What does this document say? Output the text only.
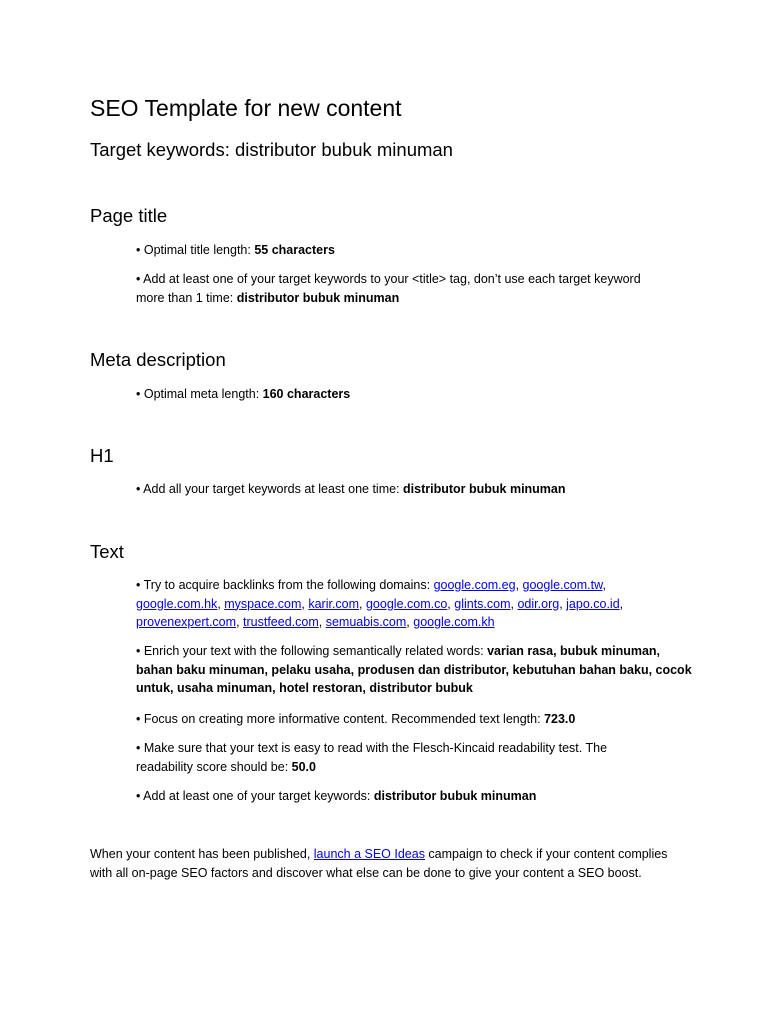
SEO Template for new content
Target keywords: distributor bubuk minuman
Page title
• Optimal title length: 55 characters
• Add at least one of your target keywords to your <title> tag, don’t use each target keyword
more than 1 time: distributor bubuk minuman
Meta description
• Optimal meta length: 160 characters
H1
• Add all your target keywords at least one time: distributor bubuk minuman
Text
• Try to acquire backlinks from the following domains: google.com.eg, google.com.tw,
google.com.hk, myspace.com, karir.com, google.com.co, glints.com, odir.org, japo.co.id,
provenexpert.com, trustfeed.com, semuabis.com, google.com.kh
• Enrich your text with the following semantically related words: varian rasa, bubuk minuman,
bahan baku minuman, pelaku usaha, produsen dan distributor, kebutuhan bahan baku, cocok
untuk, usaha minuman, hotel restoran, distributor bubuk
• Focus on creating more informative content. Recommended text length: 723.0
• Make sure that your text is easy to read with the Flesch-Kincaid readability test. The
readability score should be: 50.0
• Add at least one of your target keywords: distributor bubuk minuman
When your content has been published, launch a SEO Ideas campaign to check if your content complies
with all on-page SEO factors and discover what else can be done to give your content a SEO boost.
